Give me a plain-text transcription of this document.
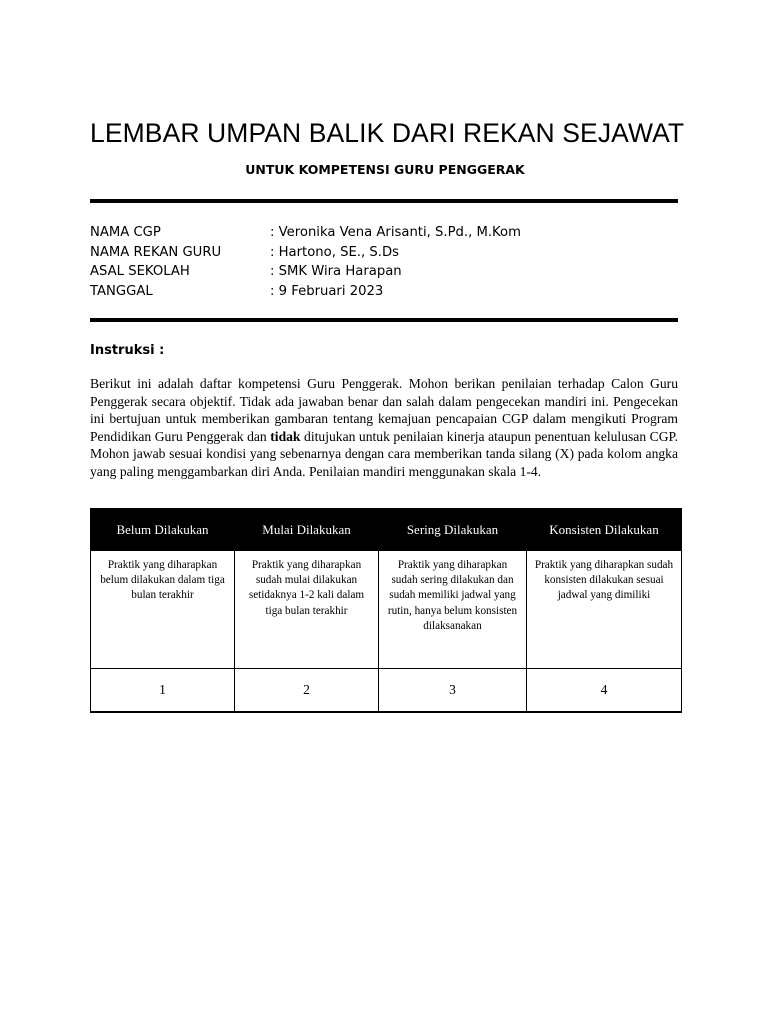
LEMBAR UMPAN BALIK DARI REKAN SEJAWAT
UNTUK KOMPETENSI GURU PENGGERAK
NAMA CGP	: Veronika Vena Arisanti, S.Pd., M.Kom
NAMA REKAN GURU	: Hartono, SE., S.Ds
ASAL SEKOLAH	: SMK Wira Harapan
TANGGAL	: 9 Februari 2023
Instruksi :

Berikut ini adalah daftar kompetensi Guru Penggerak. Mohon berikan penilaian terhadap Calon Guru Penggerak secara objektif. Tidak ada jawaban benar dan salah dalam pengecekan mandiri ini. Pengecekan ini bertujuan untuk memberikan gambaran tentang kemajuan pencapaian CGP dalam mengikuti Program Pendidikan Guru Penggerak dan tidak ditujukan untuk penilaian kinerja ataupun penentuan kelulusan CGP. Mohon jawab sesuai kondisi yang sebenarnya dengan cara memberikan tanda silang (X) pada kolom angka yang paling menggambarkan diri Anda. Penilaian mandiri menggunakan skala 1-4.

Belum Dilakukan	Mulai Dilakukan	Sering Dilakukan	Konsisten Dilakukan
Praktik yang diharapkan belum dilakukan dalam tiga bulan terakhir	Praktik yang diharapkan sudah mulai dilakukan setidaknya 1-2 kali dalam tiga bulan terakhir	Praktik yang diharapkan sudah sering dilakukan dan sudah memiliki jadwal yang rutin, hanya belum konsisten dilaksanakan	Praktik yang diharapkan sudah konsisten dilakukan sesuai jadwal yang dimiliki
1	2	3	4
